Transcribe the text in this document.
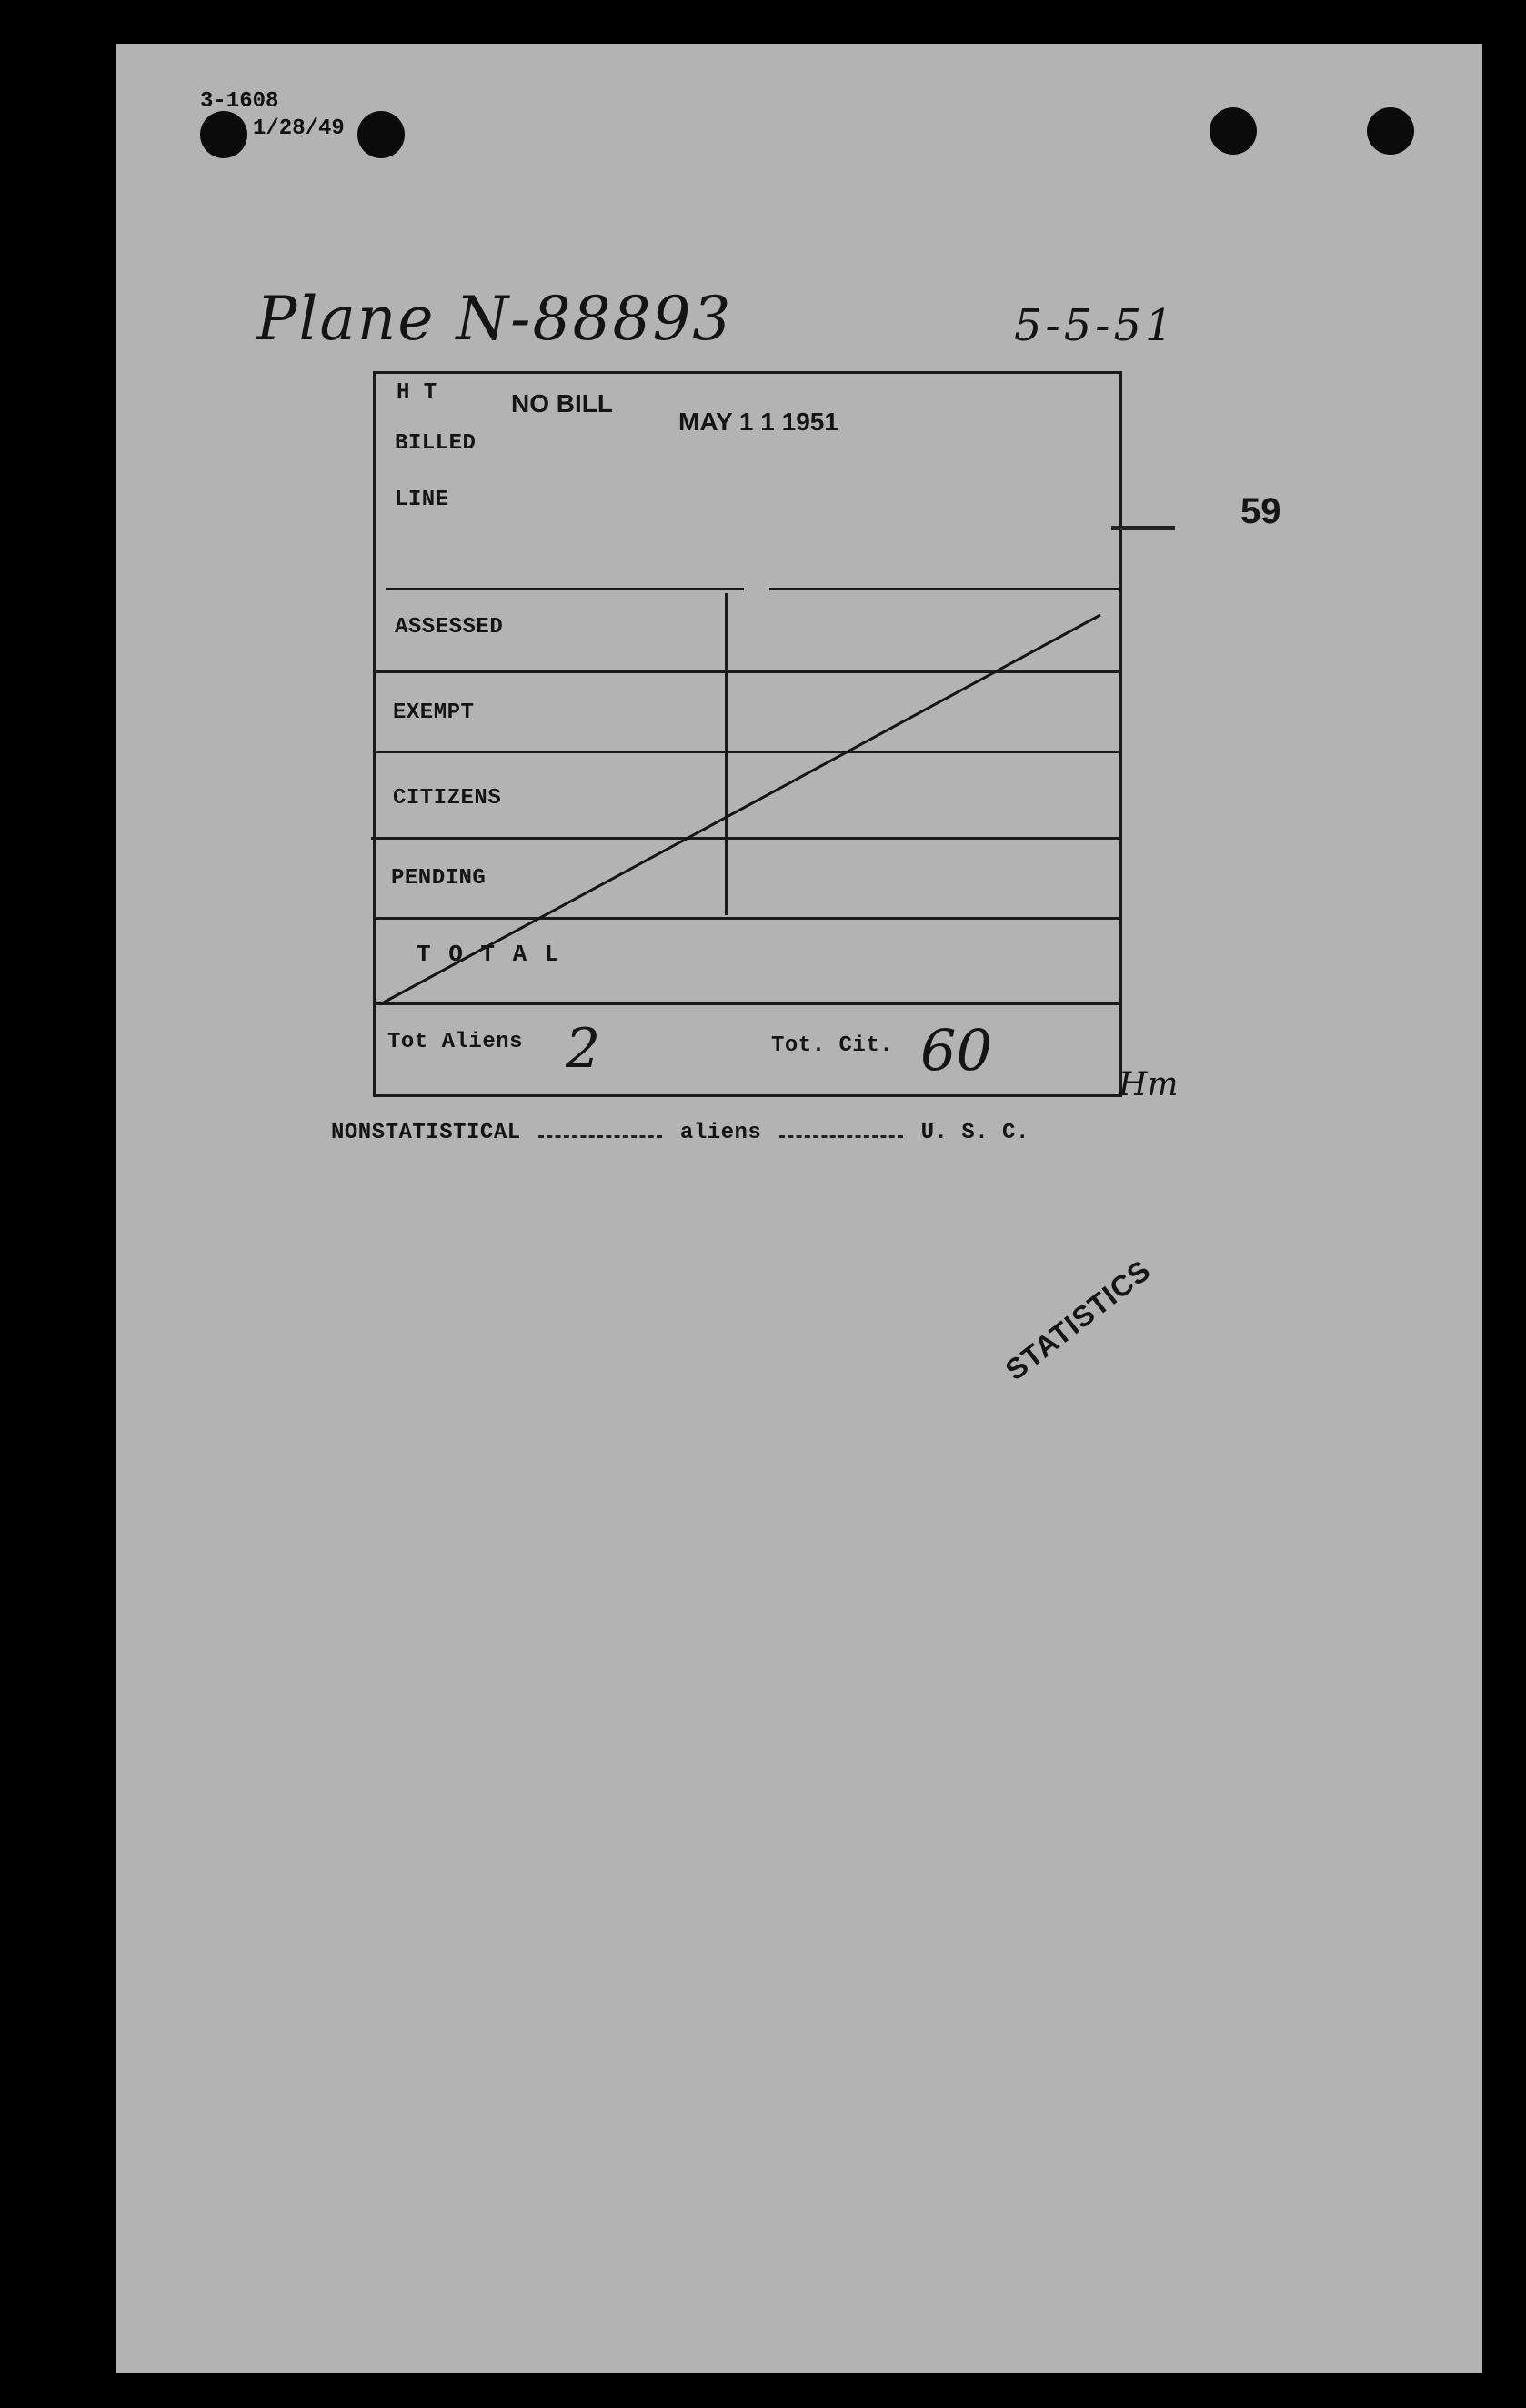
3-1608
1/28/49
Plane N-88893	5-5-51
H T
BILLED
LINE
NO BILL
MAY 1 1 1951
ASSESSED
EXEMPT
CITIZENS
PENDING
T O T A L
Tot Aliens 2	Tot. Cit. 60
Hm
59
NONSTATISTICAL	aliens	U. S. C.
STATISTICS
